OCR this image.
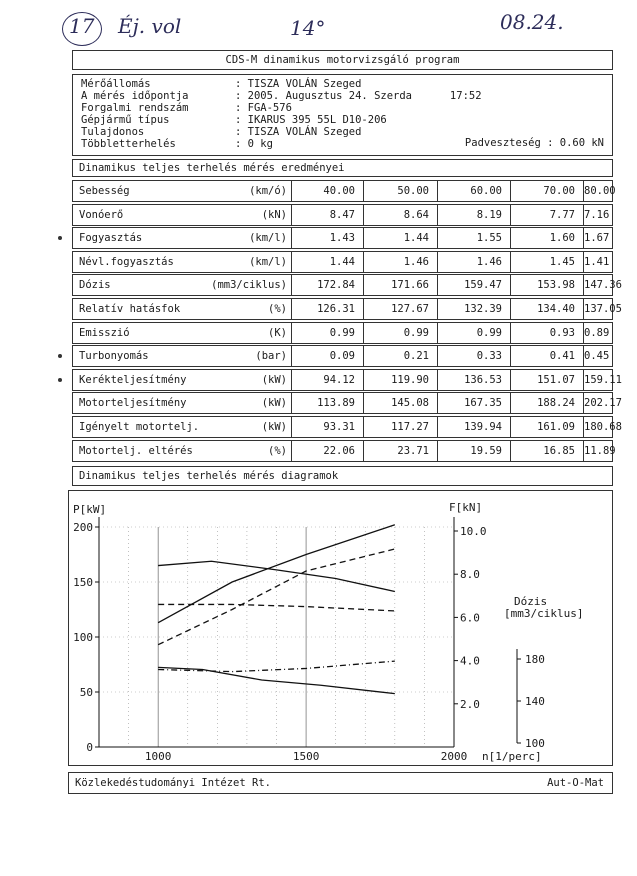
17 Éj. vol	14°	08.24.
CDS-M dinamikus motorvizsgáló program
Mérőállomás	: TISZA VOLÁN Szeged
A mérés időpontja	: 2005. Augusztus 24. Szerda      17:52
Forgalmi rendszám	: FGA-576
Gépjármű típus	: IKARUS 395 55L D10-206
Tulajdonos	: TISZA VOLÁN Szeged
Többletterhelés	: 0 kg	Padveszteség : 0.60 kN
Dinamikus teljes terhelés mérés eredményei
Sebesség	(km/ó)	40.00	50.00	60.00	70.00 80.00
Vonóerő	(kN)	8.47	8.64	8.19	7.77 7.16
Fogyasztás	(km/l)	1.43	1.44	1.55	1.60 1.67
Névl.fogyasztás	(km/l)	1.44	1.46	1.46	1.45 1.41
Dózis	(mm3/ciklus)	172.84	171.66	159.47	153.98 147.36
Relatív hatásfok	(%)	126.31	127.67	132.39	134.40 137.05
Emisszió	(K)	0.99	0.99	0.99	0.93 0.89
Turbonyomás	(bar)	0.09	0.21	0.33	0.41 0.45
Kerékteljesítmény	(kW)	94.12	119.90	136.53	151.07 159.11
Motorteljesítmény	(kW)	113.89	145.08	167.35	188.24 202.17
Igényelt motortelj.	(kW)	93.31	117.27	139.94	161.09 180.68
Motortelj. eltérés	(%)	22.06	23.71	19.59	16.85 11.89
Dinamikus teljes terhelés mérés diagramok
200
150
100
50
0
10.0
8.0
6.0
4.0
2.0
180
140
100
1000	1500	2000
P[kW]	F[kN]
n[1/perc]
Dózis
[mm3/ciklus]
Közlekedéstudományi Intézet Rt.	Aut-O-Mat
